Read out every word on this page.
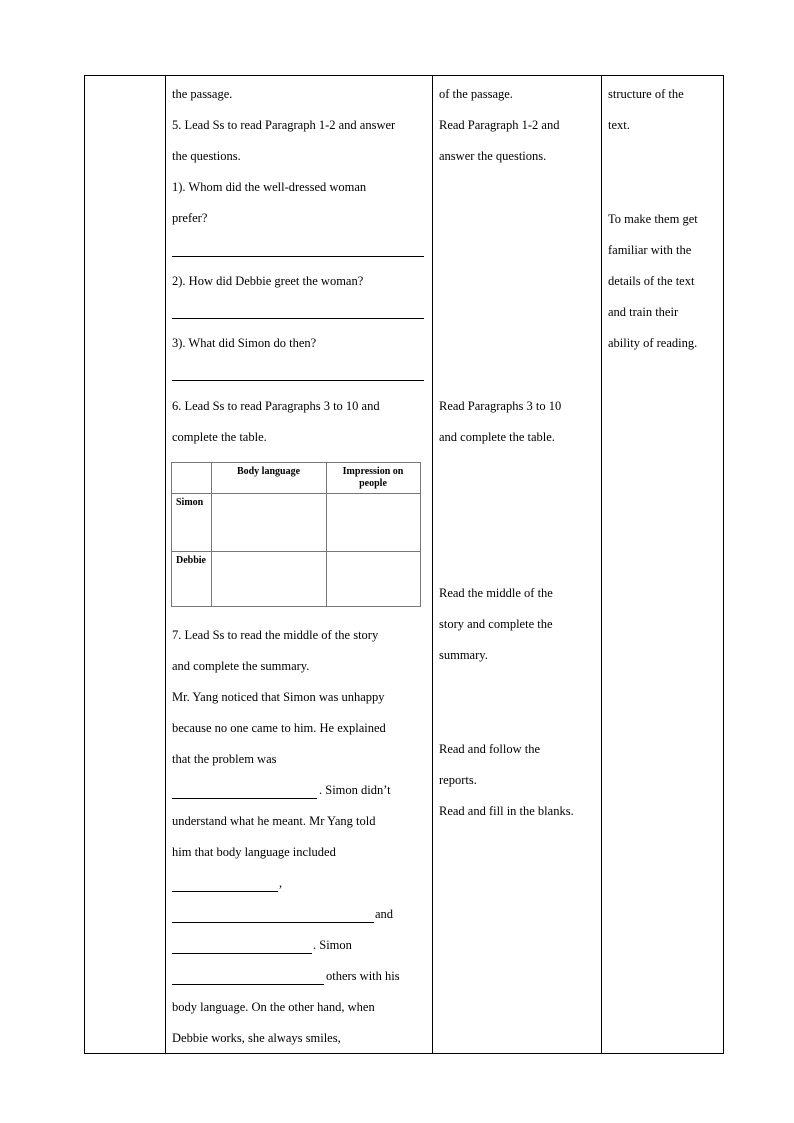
the passage.
5. Lead Ss to read Paragraph 1-2 and answer
the questions.
1). Whom did the well-dressed woman
prefer?
2). How did Debbie greet the woman?
3). What did Simon do then?
6. Lead Ss to read Paragraphs 3 to 10 and
complete the table.
Body language	Impression on people
Simon
Debbie
7. Lead Ss to read the middle of the story
and complete the summary.
Mr. Yang noticed that Simon was unhappy
because no one came to him. He explained
that the problem was
. Simon didn’t
understand what he meant. Mr Yang told
him that body language included
,
and
. Simon
others with his
body language. On the other hand, when
Debbie works, she always smiles,
of the passage.
Read Paragraph 1-2 and
answer the questions.
Read Paragraphs 3 to 10
and complete the table.
Read the middle of the
story and complete the
summary.
Read and follow the
reports.
Read and fill in the blanks.
structure of the
text.
To make them get
familiar with the
details of the text
and train their
ability of reading.
